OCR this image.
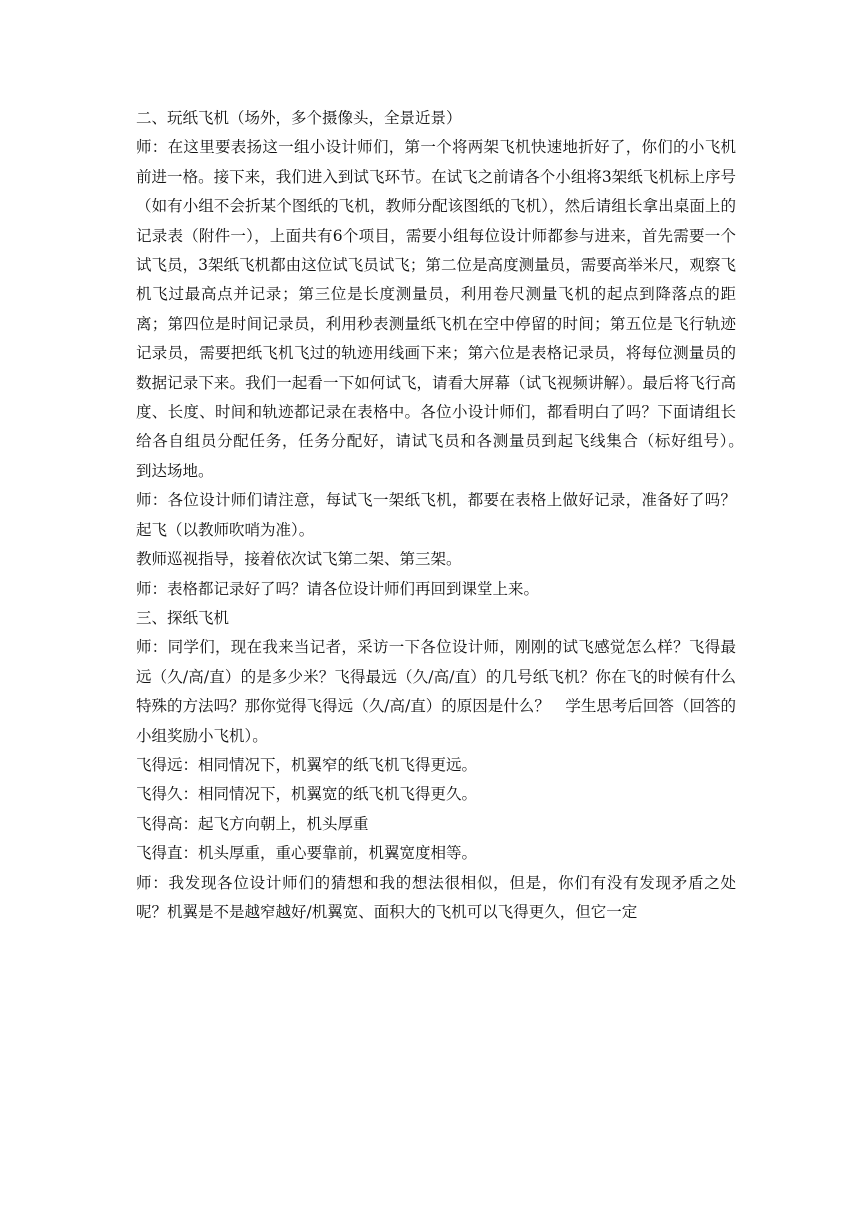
二、玩纸飞机（场外，多个摄像头，全景近景）

师：在这里要表扬这一组小设计师们，第一个将两架飞机快速地折好了，你们的小飞机前进一格。接下来，我们进入到试飞环节。在试飞之前请各个小组将3架纸飞机标上序号（如有小组不会折某个图纸的飞机，教师分配该图纸的飞机），然后请组长拿出桌面上的记录表（附件一），上面共有6个项目，需要小组每位设计师都参与进来，首先需要一个试飞员，3架纸飞机都由这位试飞员试飞；第二位是高度测量员，需要高举米尺，观察飞机飞过最高点并记录；第三位是长度测量员，利用卷尺测量飞机的起点到降落点的距离；第四位是时间记录员，利用秒表测量纸飞机在空中停留的时间；第五位是飞行轨迹记录员，需要把纸飞机飞过的轨迹用线画下来；第六位是表格记录员，将每位测量员的数据记录下来。我们一起看一下如何试飞，请看大屏幕（试飞视频讲解）。最后将飞行高度、长度、时间和轨迹都记录在表格中。各位小设计师们，都看明白了吗？下面请组长给各自组员分配任务，任务分配好，请试飞员和各测量员到起飞线集合（标好组号）。　到达场地。

师：各位设计师们请注意，每试飞一架纸飞机，都要在表格上做好记录，准备好了吗？起飞（以教师吹哨为准）。

教师巡视指导，接着依次试飞第二架、第三架。

师：表格都记录好了吗？请各位设计师们再回到课堂上来。

三、探纸飞机

师：同学们，现在我来当记者，采访一下各位设计师，刚刚的试飞感觉怎么样？飞得最远（久/高/直）的是多少米？飞得最远（久/高/直）的几号纸飞机？你在飞的时候有什么特殊的方法吗？那你觉得飞得远（久/高/直）的原因是什么？　学生思考后回答（回答的小组奖励小飞机）。

飞得远：相同情况下，机翼窄的纸飞机飞得更远。

飞得久：相同情况下，机翼宽的纸飞机飞得更久。

飞得高：起飞方向朝上，机头厚重

飞得直：机头厚重，重心要靠前，机翼宽度相等。

师：我发现各位设计师们的猜想和我的想法很相似，但是，你们有没有发现矛盾之处呢？机翼是不是越窄越好/机翼宽、面积大的飞机可以飞得更久，但它一定
